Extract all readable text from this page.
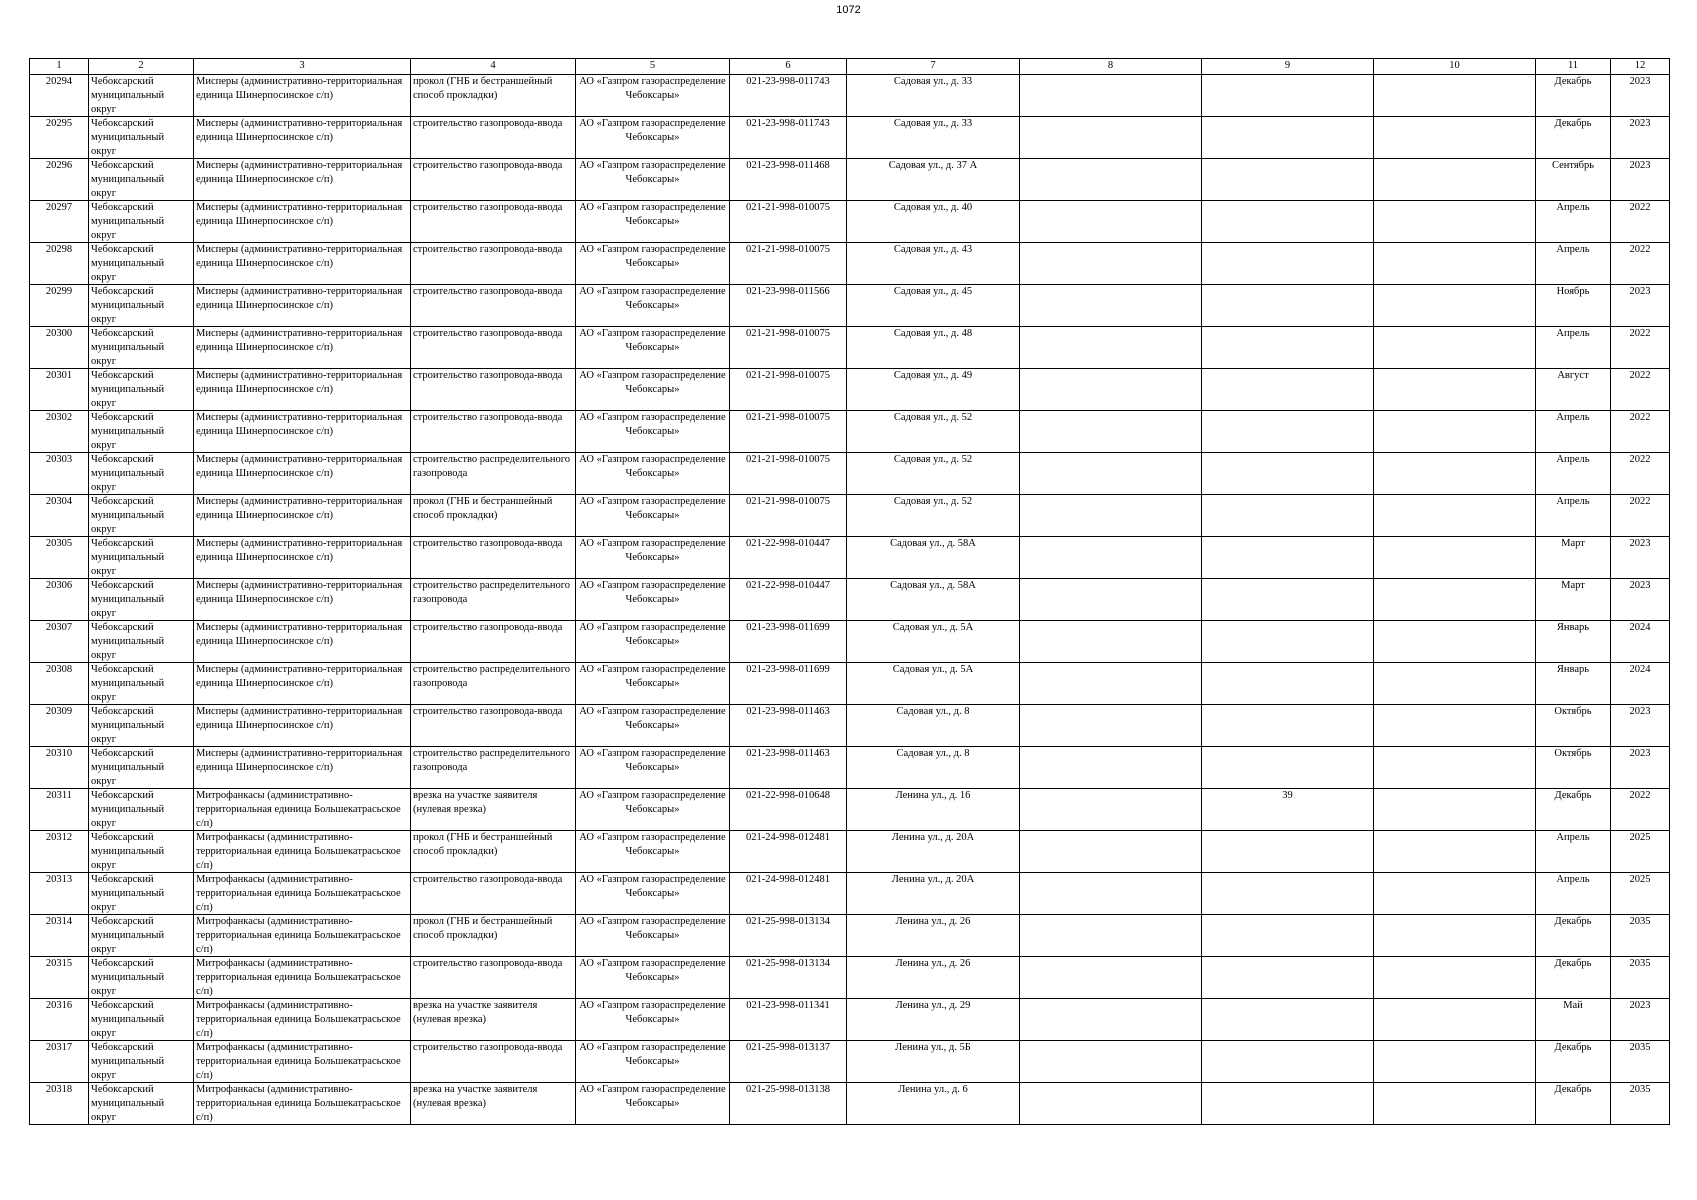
1072
1	2	3	4	5	6	7	8	9	10	11	12

20294	Чебоксарский муниципальный округ	Мисперы (административно-территориальная единица Шинерпосинское с/п)	прокол (ГНБ и бестраншейный способ прокладки)	АО «Газпром газораспределение Чебоксары»	021-23-998-011743	Садовая ул., д. 33				Декабрь	2023

20295	Чебоксарский муниципальный округ	Мисперы (административно-территориальная единица Шинерпосинское с/п)	строительство газопровода-ввода	АО «Газпром газораспределение Чебоксары»	021-23-998-011743	Садовая ул., д. 33				Декабрь	2023

20296	Чебоксарский муниципальный округ	Мисперы (административно-территориальная единица Шинерпосинское с/п)	строительство газопровода-ввода	АО «Газпром газораспределение Чебоксары»	021-23-998-011468	Садовая ул., д. 37 А				Сентябрь	2023

20297	Чебоксарский муниципальный округ	Мисперы (административно-территориальная единица Шинерпосинское с/п)	строительство газопровода-ввода	АО «Газпром газораспределение Чебоксары»	021-21-998-010075	Садовая ул., д. 40				Апрель	2022

20298	Чебоксарский муниципальный округ	Мисперы (административно-территориальная единица Шинерпосинское с/п)	строительство газопровода-ввода	АО «Газпром газораспределение Чебоксары»	021-21-998-010075	Садовая ул., д. 43				Апрель	2022

20299	Чебоксарский муниципальный округ	Мисперы (административно-территориальная единица Шинерпосинское с/п)	строительство газопровода-ввода	АО «Газпром газораспределение Чебоксары»	021-23-998-011566	Садовая ул., д. 45				Ноябрь	2023

20300	Чебоксарский муниципальный округ	Мисперы (административно-территориальная единица Шинерпосинское с/п)	строительство газопровода-ввода	АО «Газпром газораспределение Чебоксары»	021-21-998-010075	Садовая ул., д. 48				Апрель	2022

20301	Чебоксарский муниципальный округ	Мисперы (административно-территориальная единица Шинерпосинское с/п)	строительство газопровода-ввода	АО «Газпром газораспределение Чебоксары»	021-21-998-010075	Садовая ул., д. 49				Август	2022

20302	Чебоксарский муниципальный округ	Мисперы (административно-территориальная единица Шинерпосинское с/п)	строительство газопровода-ввода	АО «Газпром газораспределение Чебоксары»	021-21-998-010075	Садовая ул., д. 52				Апрель	2022

20303	Чебоксарский муниципальный округ	Мисперы (административно-территориальная единица Шинерпосинское с/п)	строительство распределительного газопровода	АО «Газпром газораспределение Чебоксары»	021-21-998-010075	Садовая ул., д. 52				Апрель	2022

20304	Чебоксарский муниципальный округ	Мисперы (административно-территориальная единица Шинерпосинское с/п)	прокол (ГНБ и бестраншейный способ прокладки)	АО «Газпром газораспределение Чебоксары»	021-21-998-010075	Садовая ул., д. 52				Апрель	2022

20305	Чебоксарский муниципальный округ	Мисперы (административно-территориальная единица Шинерпосинское с/п)	строительство газопровода-ввода	АО «Газпром газораспределение Чебоксары»	021-22-998-010447	Садовая ул., д. 58А				Март	2023

20306	Чебоксарский муниципальный округ	Мисперы (административно-территориальная единица Шинерпосинское с/п)	строительство распределительного газопровода	АО «Газпром газораспределение Чебоксары»	021-22-998-010447	Садовая ул., д. 58А				Март	2023

20307	Чебоксарский муниципальный округ	Мисперы (административно-территориальная единица Шинерпосинское с/п)	строительство газопровода-ввода	АО «Газпром газораспределение Чебоксары»	021-23-998-011699	Садовая ул., д. 5А				Январь	2024

20308	Чебоксарский муниципальный округ	Мисперы (административно-территориальная единица Шинерпосинское с/п)	строительство распределительного газопровода	АО «Газпром газораспределение Чебоксары»	021-23-998-011699	Садовая ул., д. 5А				Январь	2024

20309	Чебоксарский муниципальный округ	Мисперы (административно-территориальная единица Шинерпосинское с/п)	строительство газопровода-ввода	АО «Газпром газораспределение Чебоксары»	021-23-998-011463	Садовая ул., д. 8				Октябрь	2023

20310	Чебоксарский муниципальный округ	Мисперы (административно-территориальная единица Шинерпосинское с/п)	строительство распределительного газопровода	АО «Газпром газораспределение Чебоксары»	021-23-998-011463	Садовая ул., д. 8				Октябрь	2023

20311	Чебоксарский муниципальный округ	Митрофанкасы (административно-территориальная единица Большекатрасьское с/п)	врезка на участке заявителя (нулевая врезка)	АО «Газпром газораспределение Чебоксары»	021-22-998-010648	Ленина ул., д. 16		39		Декабрь	2022

20312	Чебоксарский муниципальный округ	Митрофанкасы (административно-территориальная единица Большекатрасьское с/п)	прокол (ГНБ и бестраншейный способ прокладки)	АО «Газпром газораспределение Чебоксары»	021-24-998-012481	Ленина ул., д. 20А				Апрель	2025

20313	Чебоксарский муниципальный округ	Митрофанкасы (административно-территориальная единица Большекатрасьское с/п)	строительство газопровода-ввода	АО «Газпром газораспределение Чебоксары»	021-24-998-012481	Ленина ул., д. 20А				Апрель	2025

20314	Чебоксарский муниципальный округ	Митрофанкасы (административно-территориальная единица Большекатрасьское с/п)	прокол (ГНБ и бестраншейный способ прокладки)	АО «Газпром газораспределение Чебоксары»	021-25-998-013134	Ленина ул., д. 26				Декабрь	2035

20315	Чебоксарский муниципальный округ	Митрофанкасы (административно-территориальная единица Большекатрасьское с/п)	строительство газопровода-ввода	АО «Газпром газораспределение Чебоксары»	021-25-998-013134	Ленина ул., д. 26				Декабрь	2035

20316	Чебоксарский муниципальный округ	Митрофанкасы (административно-территориальная единица Большекатрасьское с/п)	врезка на участке заявителя (нулевая врезка)	АО «Газпром газораспределение Чебоксары»	021-23-998-011341	Ленина ул., д. 29				Май	2023

20317	Чебоксарский муниципальный округ	Митрофанкасы (административно-территориальная единица Большекатрасьское с/п)	строительство газопровода-ввода	АО «Газпром газораспределение Чебоксары»	021-25-998-013137	Ленина ул., д. 5Б				Декабрь	2035

20318	Чебоксарский муниципальный округ	Митрофанкасы (административно-территориальная единица Большекатрасьское с/п)	врезка на участке заявителя (нулевая врезка)	АО «Газпром газораспределение Чебоксары»	021-25-998-013138	Ленина ул., д. 6				Декабрь	2035
